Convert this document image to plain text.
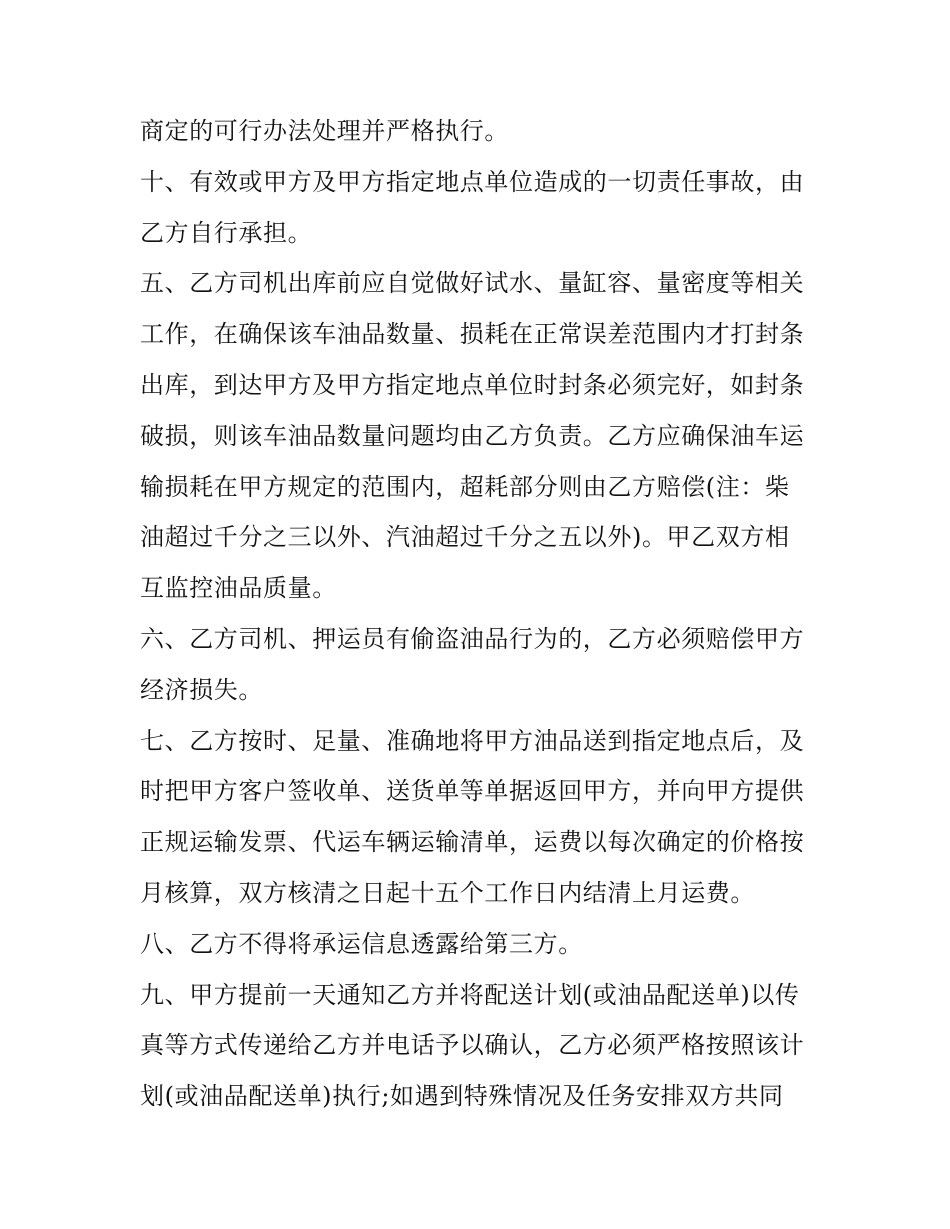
商定的可行办法处理并严格执行。
十、有效或甲方及甲方指定地点单位造成的一切责任事故，由
乙方自行承担。
五、乙方司机出库前应自觉做好试水、量缸容、量密度等相关
工作，在确保该车油品数量、损耗在正常误差范围内才打封条
出库，到达甲方及甲方指定地点单位时封条必须完好，如封条
破损，则该车油品数量问题均由乙方负责。乙方应确保油车运
输损耗在甲方规定的范围内，超耗部分则由乙方赔偿(注：柴
油超过千分之三以外、汽油超过千分之五以外)。甲乙双方相
互监控油品质量。
六、乙方司机、押运员有偷盗油品行为的，乙方必须赔偿甲方
经济损失。
七、乙方按时、足量、准确地将甲方油品送到指定地点后，及
时把甲方客户签收单、送货单等单据返回甲方，并向甲方提供
正规运输发票、代运车辆运输清单，运费以每次确定的价格按
月核算，双方核清之日起十五个工作日内结清上月运费。
八、乙方不得将承运信息透露给第三方。
九、甲方提前一天通知乙方并将配送计划(或油品配送单)以传
真等方式传递给乙方并电话予以确认，乙方必须严格按照该计
划(或油品配送单)执行;如遇到特殊情况及任务安排双方共同
